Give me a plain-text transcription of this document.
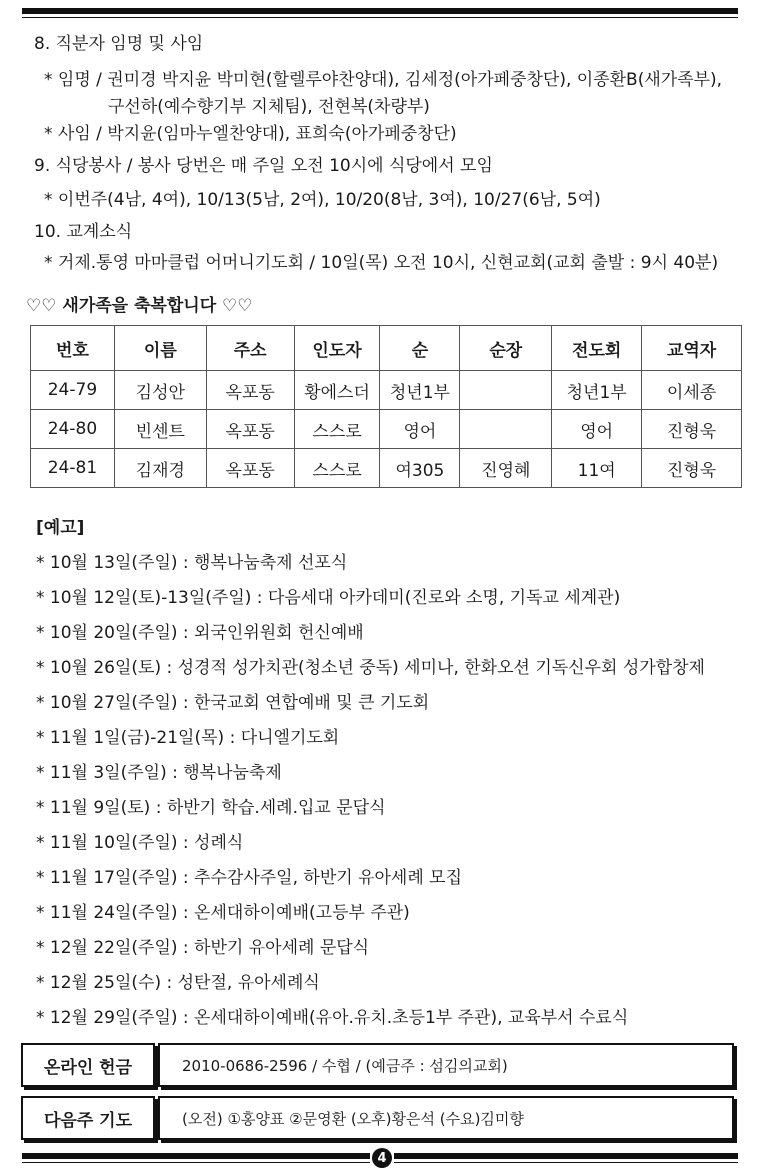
8. 직분자 임명 및 사임
* 임명 / 권미경 박지윤 박미현(할렐루야찬양대), 김세정(아가페중창단), 이종환B(새가족부),
구선하(예수향기부 지체팀), 전현복(차량부)
* 사임 / 박지윤(임마누엘찬양대), 표희숙(아가페중창단)
9. 식당봉사 / 봉사 당번은 매 주일 오전 10시에 식당에서 모임
* 이번주(4남, 4여), 10/13(5남, 2여), 10/20(8남, 3여), 10/27(6남, 5여)
10. 교계소식
* 거제.통영 마마클럽 어머니기도회 / 10일(목) 오전 10시, 신현교회(교회 출발 : 9시 40분)
♡♡ 새가족을 축복합니다 ♡♡
번호	이름	주소	인도자	순	순장	전도회	교역자
24-79	김성안	옥포동	황에스더	청년1부		청년1부	이세종
24-80	빈센트	옥포동	스스로	영어		영어	진형욱
24-81	김재경	옥포동	스스로	여305	진영혜	11여	진형욱
[예고]
* 10월 13일(주일) : 행복나눔축제 선포식
* 10월 12일(토)-13일(주일) : 다음세대 아카데미(진로와 소명, 기독교 세계관)
* 10월 20일(주일) : 외국인위원회 헌신예배
* 10월 26일(토) : 성경적 성가치관(청소년 중독) 세미나, 한화오션 기독신우회 성가합창제
* 10월 27일(주일) : 한국교회 연합예배 및 큰 기도회
* 11월 1일(금)-21일(목) : 다니엘기도회
* 11월 3일(주일) : 행복나눔축제
* 11월 9일(토) : 하반기 학습.세례.입교 문답식
* 11월 10일(주일) : 성례식
* 11월 17일(주일) : 추수감사주일, 하반기 유아세례 모집
* 11월 24일(주일) : 온세대하이예배(고등부 주관)
* 12월 22일(주일) : 하반기 유아세례 문답식
* 12월 25일(수) : 성탄절, 유아세례식
* 12월 29일(주일) : 온세대하이예배(유아.유치.초등1부 주관), 교육부서 수료식
온라인 헌금	2010-0686-2596 / 수협 / (예금주 : 섬김의교회)
다음주 기도	(오전) ①홍양표 ②문영환 (오후)황은석 (수요)김미향
4
